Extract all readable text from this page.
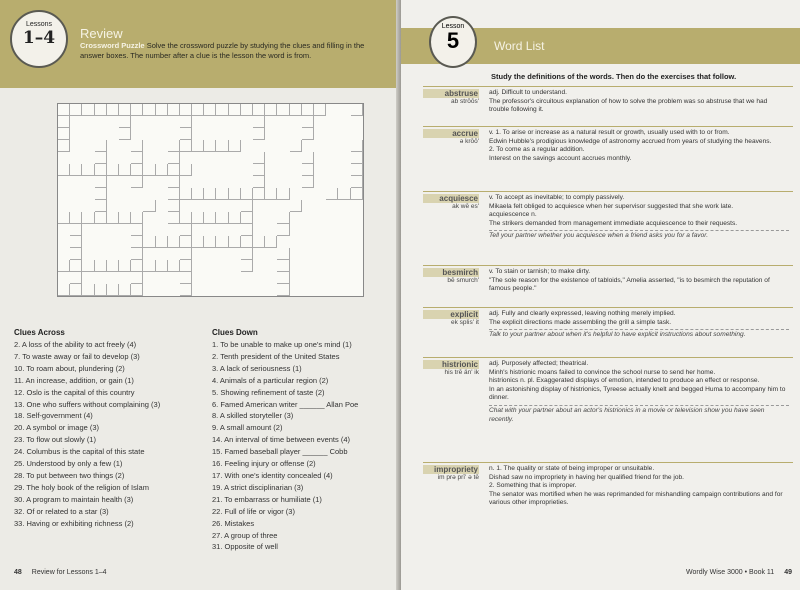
Lessons
1–4	Review
Crossword Puzzle Solve the crossword puzzle by studying the clues and filling in the answer boxes. The number after a clue is the lesson the word is from.
Clues Across	Clues Down
2. A loss of the ability to act freely (4)
7. To waste away or fail to develop (3)
10. To roam about, plundering (2)
11. An increase, addition, or gain (1)
12. Oslo is the capital of this country
13. One who suffers without complaining (3)
18. Self-government (4)
20. A symbol or image (3)
23. To flow out slowly (1)
24. Columbus is the capital of this state
25. Understood by only a few (1)
28. To put between two things (2)
29. The holy book of the religion of Islam
30. A program to maintain health (3)
32. Of or related to a star (3)
33. Having or exhibiting richness (2)
1. To be unable to make up one's mind (1)
2. Tenth president of the United States
3. A lack of seriousness (1)
4. Animals of a particular region (2)
5. Showing refinement of taste (2)
6. Famed American writer ______ Allan Poe
8. A skilled storyteller (3)
9. A small amount (2)
14. An interval of time between events (4)
15. Famed baseball player ______ Cobb
16. Feeling injury or offense (2)
17. With one's identity concealed (4)
19. A strict disciplinarian (3)
21. To embarrass or humiliate (1)
22. Full of life or vigor (3)
26. Mistakes
27. A group of three
31. Opposite of well
48 Review for Lessons 1–4
Lesson
5	Word List
Study the definitions of the words. Then do the exercises that follow.
abstruse
ab strōōs'
adj. Difficult to understand.
The professor's circuitous explanation of how to solve the problem was so abstruse that we had trouble following it.
accrue
ə krōō'
v. 1. To arise or increase as a natural result or growth, usually used with to or from.
Edwin Hubble's prodigious knowledge of astronomy accrued from years of studying the heavens.
2. To come as a regular addition.
Interest on the savings account accrues monthly.
acquiesce
ak wē es'
v. To accept as inevitable; to comply passively.
Mikaela felt obliged to acquiesce when her supervisor suggested that she work late.
acquiescence n.
The strikers demanded from management immediate acquiescence to their requests.
Tell your partner whether you acquiesce when a friend asks you for a favor.
besmirch
bē smurch'
v. To stain or tarnish; to make dirty.
"The sole reason for the existence of tabloids," Amelia asserted, "is to besmirch the reputation of famous people."
explicit
ek splis' it
adj. Fully and clearly expressed, leaving nothing merely implied.
The explicit directions made assembling the grill a simple task.
Talk to your partner about when it's helpful to have explicit instructions about something.
histrionic
his trē än' ik
adj. Purposely affected; theatrical.
Minh's histrionic moans failed to convince the school nurse to send her home.
histrionics n. pl. Exaggerated displays of emotion, intended to produce an effect or response.
In an astonishing display of histrionics, Tyreese actually knelt and begged Huma to accompany him to dinner.
Chat with your partner about an actor's histrionics in a movie or television show you have seen recently.
impropriety
im prə prī' ə tē
n. 1. The quality or state of being improper or unsuitable.
Dishad saw no impropriety in having her qualified friend for the job.
2. Something that is improper.
The senator was mortified when he was reprimanded for mishandling campaign contributions and for various other improprieties.
Wordly Wise 3000 • Book 11 49
